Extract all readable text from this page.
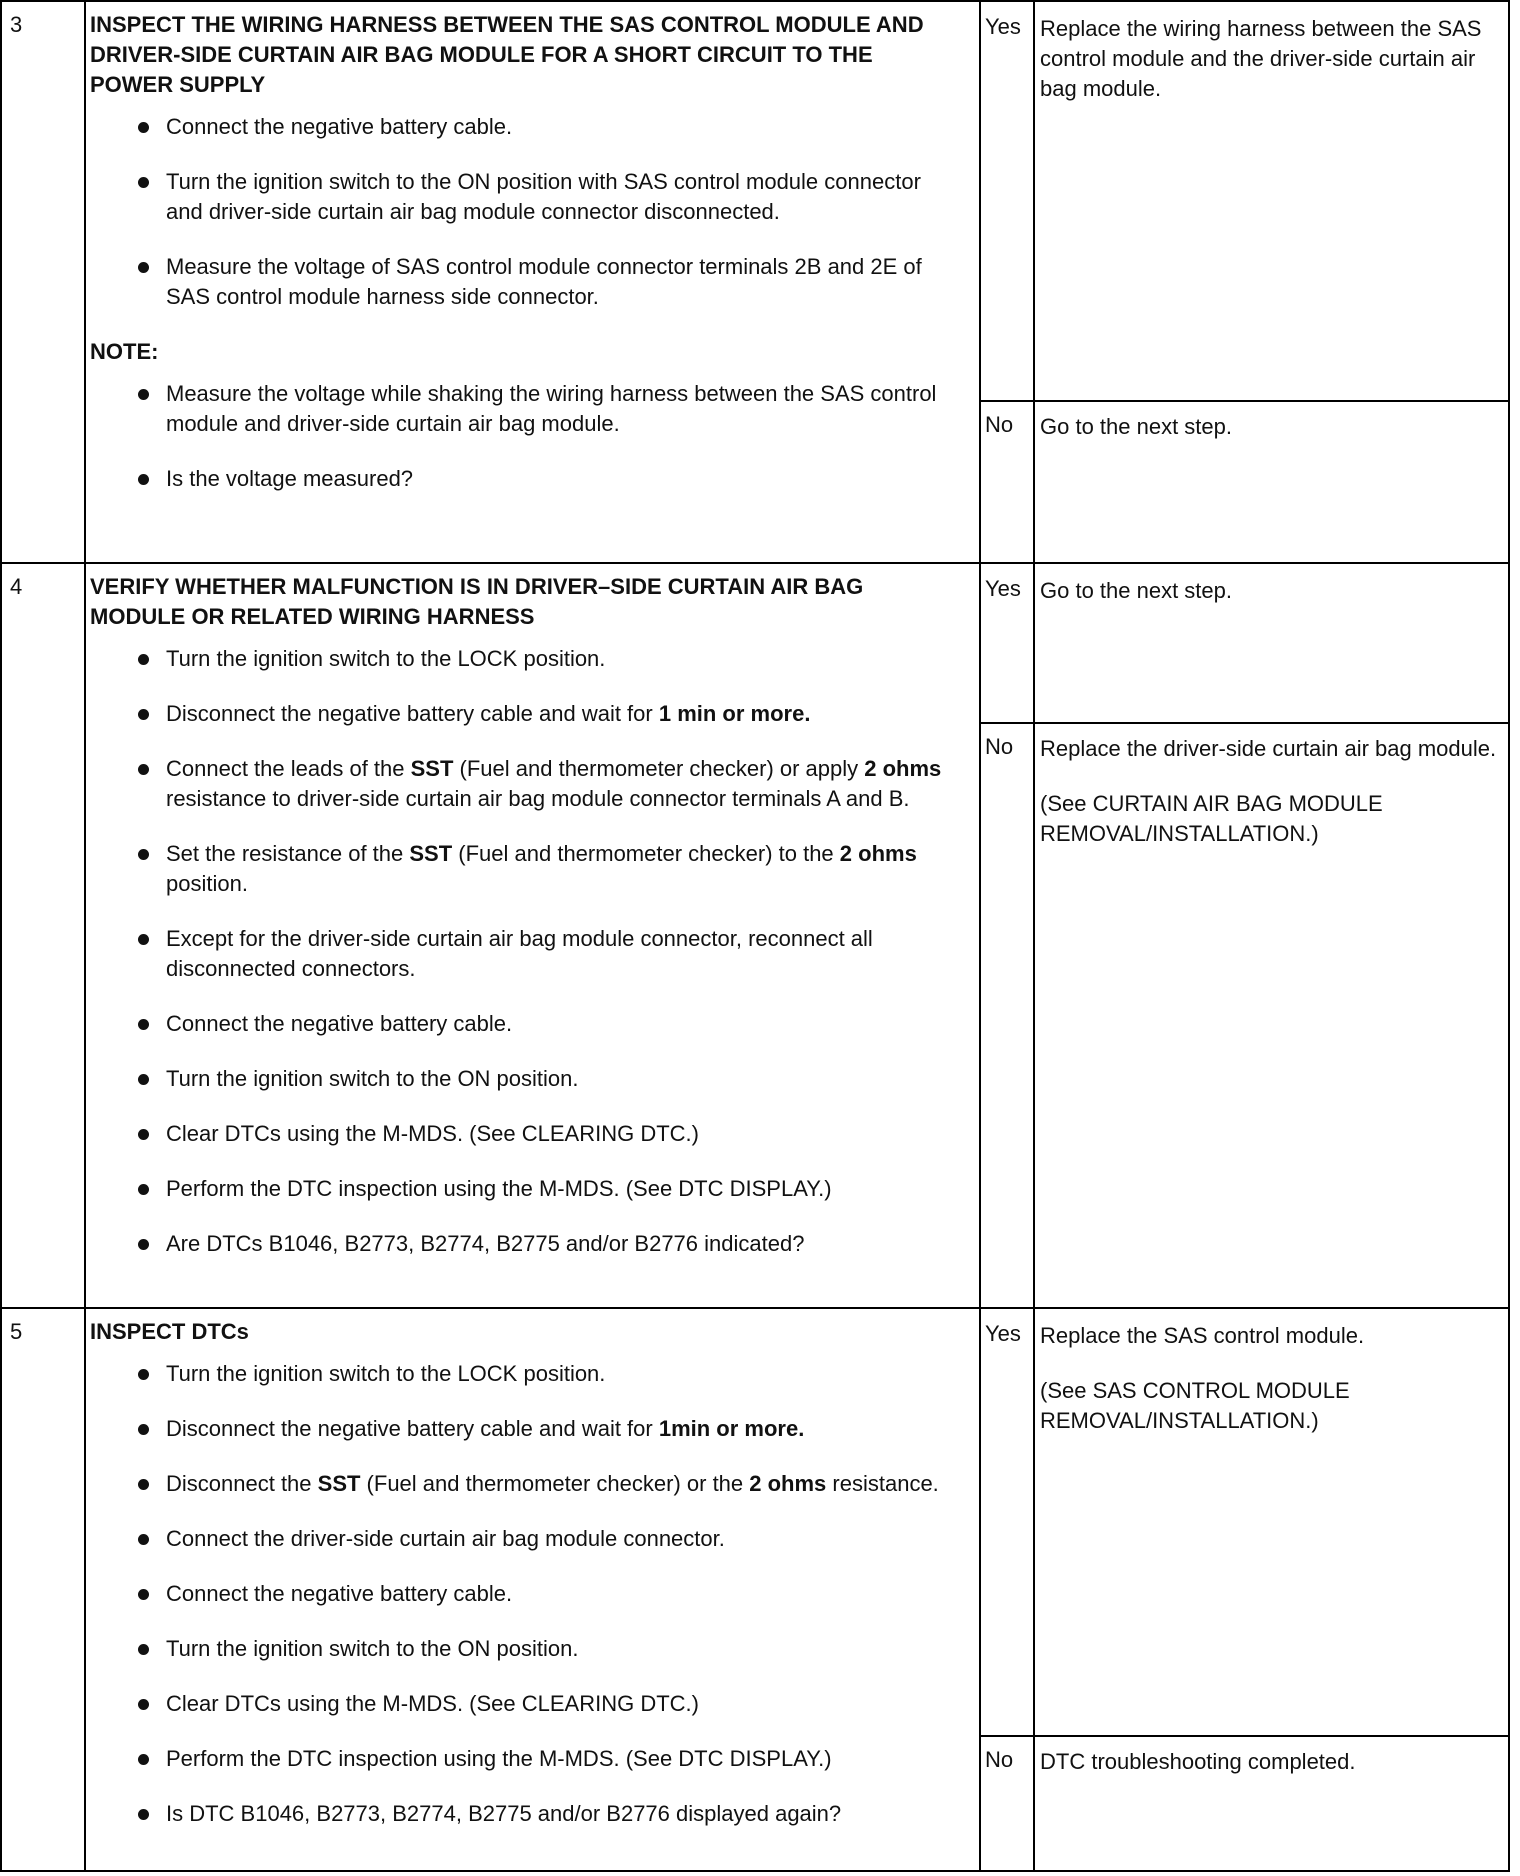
3	INSPECT THE WIRING HARNESS BETWEEN THE SAS CONTROL MODULE AND DRIVER-SIDE CURTAIN AIR BAG MODULE FOR A SHORT CIRCUIT TO THE POWER SUPPLY
Connect the negative battery cable.
Turn the ignition switch to the ON position with SAS control module connector and driver-side curtain air bag module connector disconnected.
Measure the voltage of SAS control module connector terminals 2B and 2E of SAS control module harness side connector.
NOTE:
Measure the voltage while shaking the wiring harness between the SAS control module and driver-side curtain air bag module.
Is the voltage measured?
Yes Replace the wiring harness between the SAS control module and the driver-side curtain air bag module.

No Go to the next step.

4	VERIFY WHETHER MALFUNCTION IS IN DRIVER–SIDE CURTAIN AIR BAG MODULE OR RELATED WIRING HARNESS
Turn the ignition switch to the LOCK position.
Disconnect the negative battery cable and wait for 1 min or more.
Connect the leads of the SST (Fuel and thermometer checker) or apply 2 ohms resistance to driver-side curtain air bag module connector terminals A and B.
Set the resistance of the SST (Fuel and thermometer checker) to the 2 ohms position.
Except for the driver-side curtain air bag module connector, reconnect all disconnected connectors.
Connect the negative battery cable.
Turn the ignition switch to the ON position.
Clear DTCs using the M-MDS. (See CLEARING DTC.)
Perform the DTC inspection using the M-MDS. (See DTC DISPLAY.)
Are DTCs B1046, B2773, B2774, B2775 and/or B2776 indicated?
Yes Go to the next step.

No Replace the driver-side curtain air bag module.

(See CURTAIN AIR BAG MODULE REMOVAL/INSTALLATION.)

5	INSPECT DTCs
Turn the ignition switch to the LOCK position.
Disconnect the negative battery cable and wait for 1min or more.
Disconnect the SST (Fuel and thermometer checker) or the 2 ohms resistance.
Connect the driver-side curtain air bag module connector.
Connect the negative battery cable.
Turn the ignition switch to the ON position.
Clear DTCs using the M-MDS. (See CLEARING DTC.)
Perform the DTC inspection using the M-MDS. (See DTC DISPLAY.)
Is DTC B1046, B2773, B2774, B2775 and/or B2776 displayed again?
Yes Replace the SAS control module.

(See SAS CONTROL MODULE REMOVAL/INSTALLATION.)

No DTC troubleshooting completed.
